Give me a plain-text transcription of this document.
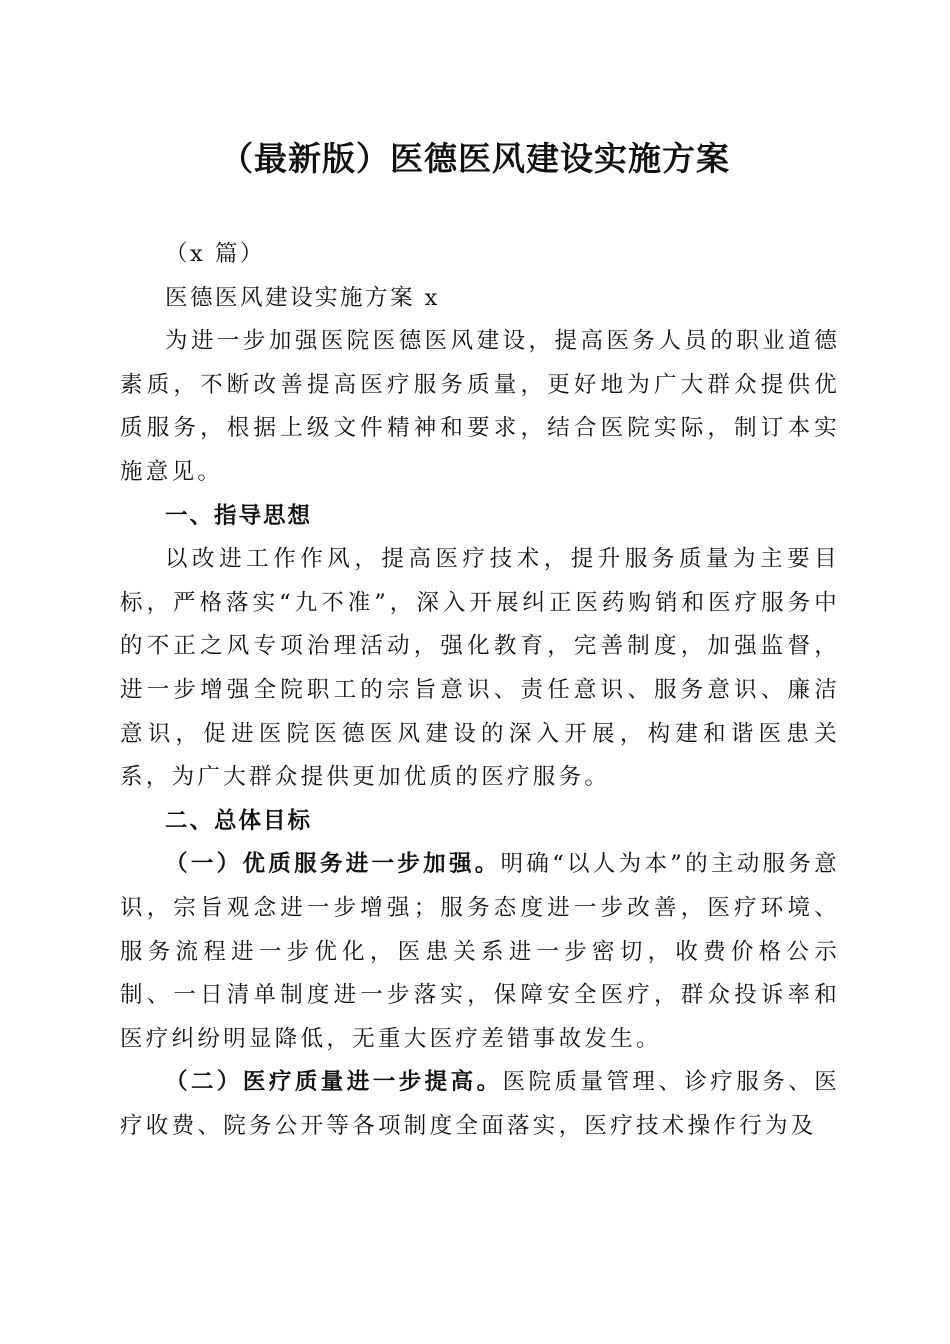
（最新版）医德医风建设实施方案

（x 篇）

医德医风建设实施方案 x

为进一步加强医院医德医风建设，提高医务人员的职业道德素质，不断改善提高医疗服务质量，更好地为广大群众提供优质服务，根据上级文件精神和要求，结合医院实际，制订本实施意见。

一、指导思想

以改进工作作风，提高医疗技术，提升服务质量为主要目标，严格落实“九不准”，深入开展纠正医药购销和医疗服务中的不正之风专项治理活动，强化教育，完善制度，加强监督，进一步增强全院职工的宗旨意识、责任意识、服务意识、廉洁意识，促进医院医德医风建设的深入开展，构建和谐医患关系，为广大群众提供更加优质的医疗服务。

二、总体目标

（一）优质服务进一步加强。明确“以人为本”的主动服务意识，宗旨观念进一步增强；服务态度进一步改善，医疗环境、服务流程进一步优化，医患关系进一步密切，收费价格公示制、一日清单制度进一步落实，保障安全医疗，群众投诉率和医疗纠纷明显降低，无重大医疗差错事故发生。

（二）医疗质量进一步提高。医院质量管理、诊疗服务、医疗收费、院务公开等各项制度全面落实，医疗技术操作行为及
